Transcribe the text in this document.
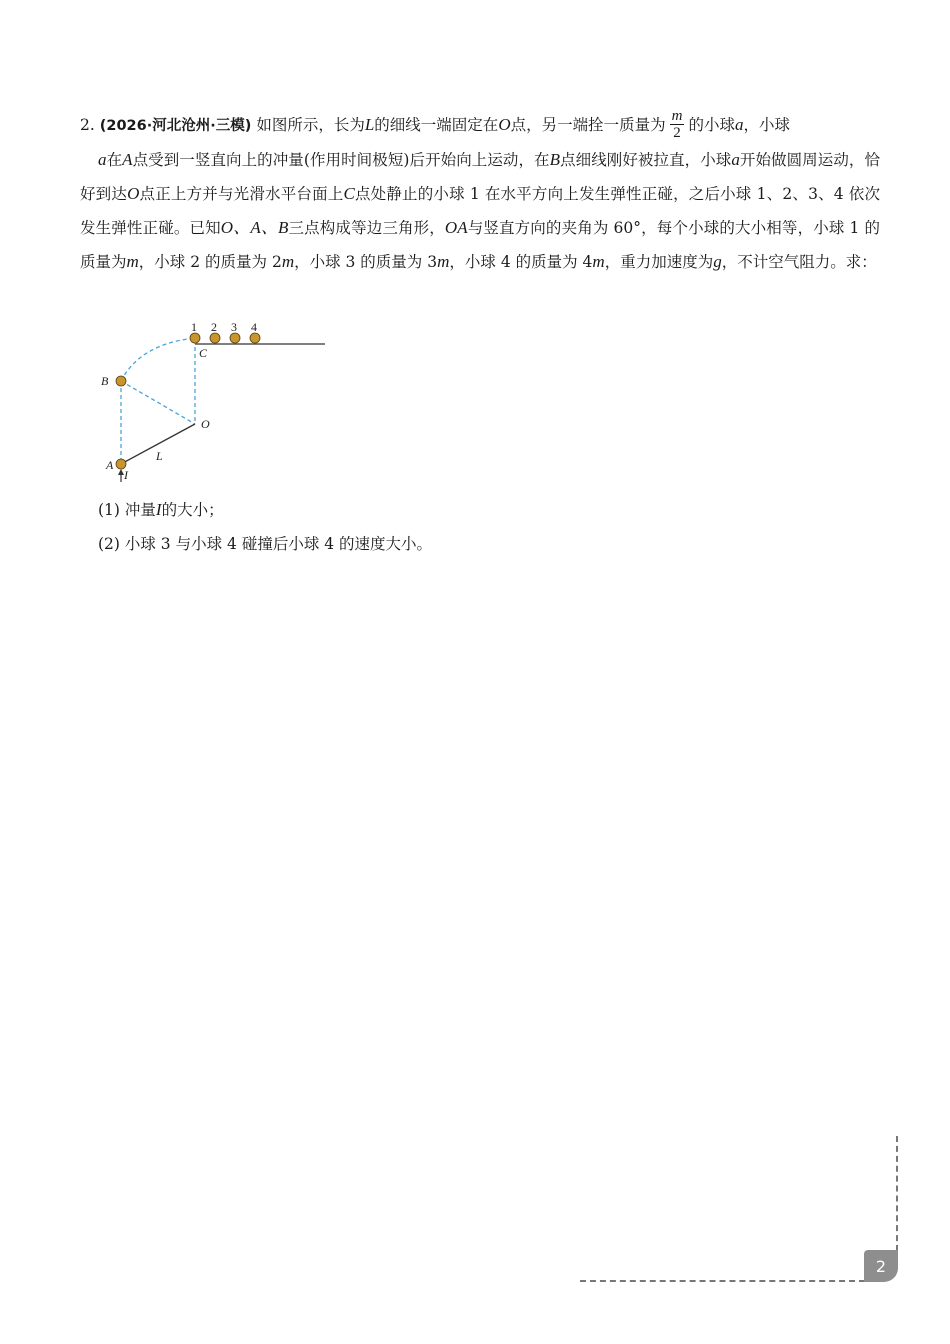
2. (2026·河北沧州·三模) 如图所示，长为L的细线一端固定在O点，另一端拴一质量为 $\frac{m}{2}$ 的小球a，小球
a在A点受到一竖直向上的冲量(作用时间极短)后开始向上运动，在B点细线刚好被拉直，小球a开始做圆周运动，恰好到达O点正上方并与光滑水平台面上C点处静止的小球 1 在水平方向上发生弹性正碰，之后小球 1、2、3、4 依次发生弹性正碰。已知O、A、B三点构成等边三角形，OA与竖直方向的夹角为 60°，每个小球的大小相等，小球 1 的质量为m，小球 2 的质量为 2m，小球 3 的质量为 3m，小球 4 的质量为 4m，重力加速度为g，不计空气阻力。求：

1 2 3 4
C
B
O
A
L
I
(1) 冲量I的大小；
(2) 小球 3 与小球 4 碰撞后小球 4 的速度大小。
2
